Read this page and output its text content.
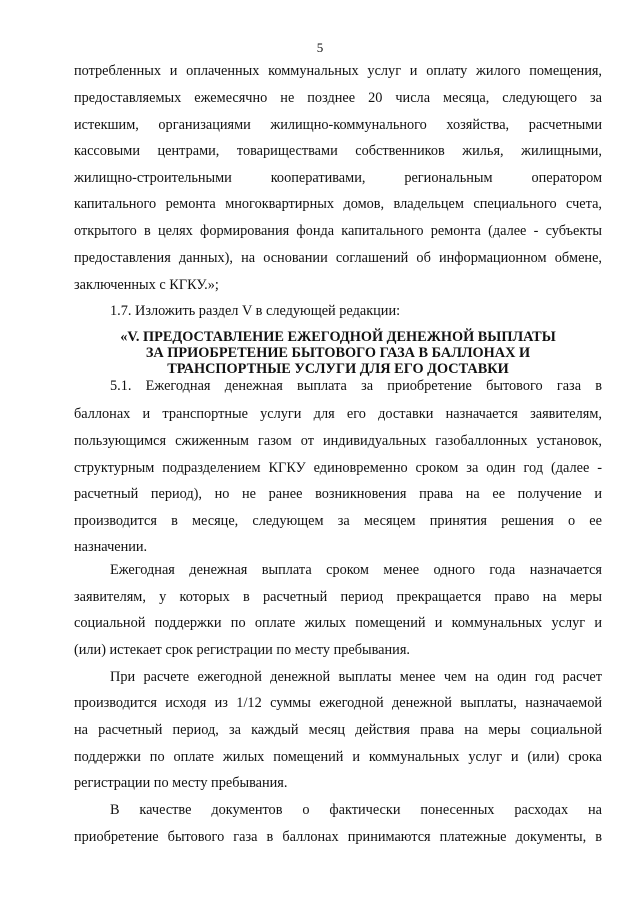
5
потребленных и оплаченных коммунальных услуг и оплату жилого помещения,
предоставляемых ежемесячно не позднее 20 числа месяца, следующего за
истекшим, организациями жилищно-коммунального хозяйства, расчетными
кассовыми центрами, товариществами собственников жилья, жилищными,
жилищно-строительными кооперативами, региональным оператором
капитального ремонта многоквартирных домов, владельцем специального счета,
открытого в целях формирования фонда капитального ремонта (далее - субъекты
предоставления данных), на основании соглашений об информационном обмене,
заключенных с КГКУ.»;
1.7. Изложить раздел V в следующей редакции:
«V. ПРЕДОСТАВЛЕНИЕ ЕЖЕГОДНОЙ ДЕНЕЖНОЙ ВЫПЛАТЫ
ЗА ПРИОБРЕТЕНИЕ БЫТОВОГО ГАЗА В БАЛЛОНАХ И
ТРАНСПОРТНЫЕ УСЛУГИ ДЛЯ ЕГО ДОСТАВКИ
5.1. Ежегодная денежная выплата за приобретение бытового газа в
баллонах и транспортные услуги для его доставки назначается заявителям,
пользующимся сжиженным газом от индивидуальных газобаллонных установок,
структурным подразделением КГКУ единовременно сроком за один год (далее -
расчетный период), но не ранее возникновения права на ее получение и
производится в месяце, следующем за месяцем принятия решения о ее
назначении.
Ежегодная денежная выплата сроком менее одного года назначается
заявителям, у которых в расчетный период прекращается право на меры
социальной поддержки по оплате жилых помещений и коммунальных услуг и
(или) истекает срок регистрации по месту пребывания.
При расчете ежегодной денежной выплаты менее чем на один год расчет
производится исходя из 1/12 суммы ежегодной денежной выплаты, назначаемой
на расчетный период, за каждый месяц действия права на меры социальной
поддержки по оплате жилых помещений и коммунальных услуг и (или) срока
регистрации по месту пребывания.
В качестве документов о фактически понесенных расходах на
приобретение бытового газа в баллонах принимаются платежные документы, в
